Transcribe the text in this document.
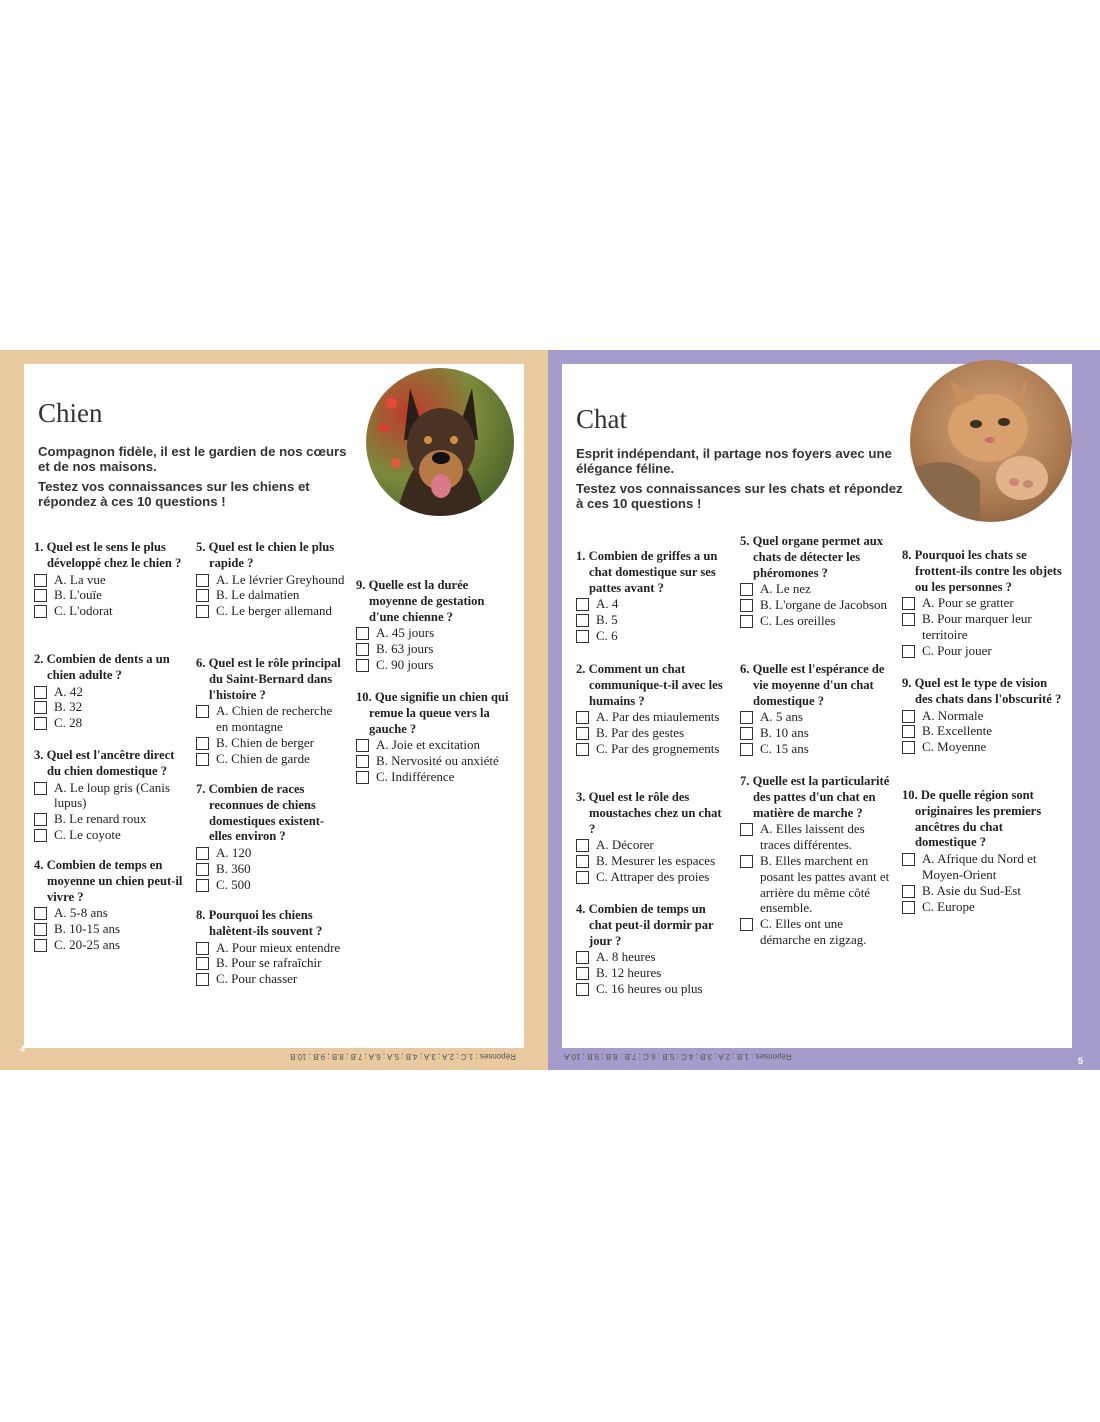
Chien

Compagnon fidèle, il est le gardien de nos cœurs et de nos maisons.

Testez vos connaissances sur les chiens et répondez à ces 10 questions !

1. Quel est le sens le plus développé chez le chien ?
A. La vue
B. L'ouïe
C. L'odorat
2. Combien de dents a un chien adulte ?
A. 42
B. 32
C. 28
3. Quel est l'ancêtre direct du chien domestique ?
A. Le loup gris (Canis lupus)
B. Le renard roux
C. Le coyote
4. Combien de temps en moyenne un chien peut-il vivre ?
A. 5-8 ans
B. 10-15 ans
C. 20-25 ans
5. Quel est le chien le plus rapide ?
A. Le lévrier Greyhound
B. Le dalmatien
C. Le berger allemand
6. Quel est le rôle principal du Saint-Bernard dans l'histoire ?
A. Chien de recherche en montagne
B. Chien de berger
C. Chien de garde
7. Combien de races reconnues de chiens domestiques existent-elles environ ?
A. 120
B. 360
C. 500
8. Pourquoi les chiens halètent-ils souvent ?
A. Pour mieux entendre
B. Pour se rafraîchir
C. Pour chasser
9. Quelle est la durée moyenne de gestation d'une chienne ?
A. 45 jours
B. 63 jours
C. 90 jours
10. Que signifie un chien qui remue la queue vers la gauche ?
A. Joie et excitation
B. Nervosité ou anxiété
C. Indifférence
4
Réponses : 1.C ; 2.A ; 3.A ; 4.B ; 5.A ; 6.A ; 7.B ; 8.B ; 9.B ; 10.B
Chat

Esprit indépendant, il partage nos foyers avec une élégance féline.

Testez vos connaissances sur les chats et répondez à ces 10 questions !

1. Combien de griffes a un chat domestique sur ses pattes avant ?
A. 4
B. 5
C. 6
2. Comment un chat communique-t-il avec les humains ?
A. Par des miaulements
B. Par des gestes
C. Par des grognements
3. Quel est le rôle des moustaches chez un chat ?
A. Décorer
B. Mesurer les espaces
C. Attraper des proies
4. Combien de temps un chat peut-il dormir par jour ?
A. 8 heures
B. 12 heures
C. 16 heures ou plus
5. Quel organe permet aux chats de détecter les phéromones ?
A. Le nez
B. L'organe de Jacobson
C. Les oreilles
6. Quelle est l'espérance de vie moyenne d'un chat domestique ?
A. 5 ans
B. 10 ans
C. 15 ans
7. Quelle est la particularité des pattes d'un chat en matière de marche ?
A. Elles laissent des traces différentes.
B. Elles marchent en posant les pattes avant et arrière du même côté ensemble.
C. Elles ont une démarche en zigzag.
8. Pourquoi les chats se frottent-ils contre les objets ou les personnes ?
A. Pour se gratter
B. Pour marquer leur territoire
C. Pour jouer
9. Quel est le type de vision des chats dans l'obscurité ?
A. Normale
B. Excellente
C. Moyenne
10. De quelle région sont originaires les premiers ancêtres du chat domestique ?
A. Afrique du Nord et Moyen-Orient
B. Asie du Sud-Est
C. Europe
5
Réponses : 1.B ; 2.A ; 3.B ; 4.C ; 5.B ; 6.C ; 7.B ; 8.B ; 9.B ; 10.A
